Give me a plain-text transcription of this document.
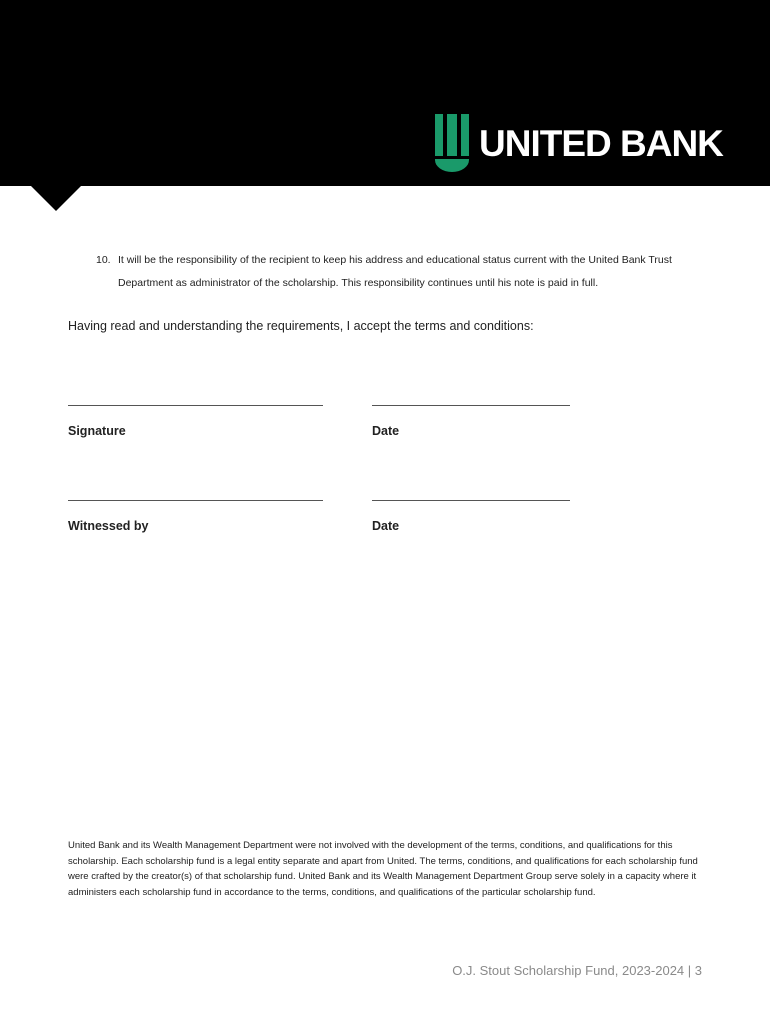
UNITED BANK
10. It will be the responsibility of the recipient to keep his address and educational status current with the United Bank Trust Department as administrator of the scholarship. This responsibility continues until his note is paid in full.
Having read and understanding the requirements, I accept the terms and conditions:
Signature	Date
Witnessed by	Date
United Bank and its Wealth Management Department were not involved with the development of the terms, conditions, and qualifications for this scholarship. Each scholarship fund is a legal entity separate and apart from United. The terms, conditions, and qualifications for each scholarship fund were crafted by the creator(s) of that scholarship fund. United Bank and its Wealth Management Department Group serve solely in a capacity where it administers each scholarship fund in accordance to the terms, conditions, and qualifications of the particular scholarship fund.
O.J. Stout Scholarship Fund, 2023-2024 | 3
